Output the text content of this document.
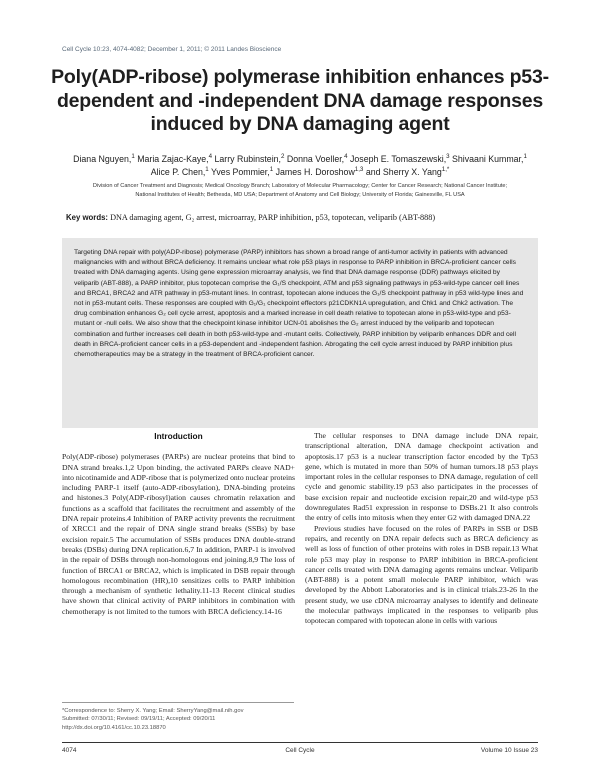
Cell Cycle 10:23, 4074-4082; December 1, 2011; © 2011 Landes Bioscience
Poly(ADP-ribose) polymerase inhibition enhances p53-dependent and -independent DNA damage responses induced by DNA damaging agent
Diana Nguyen,$^1$ Maria Zajac-Kaye,$^4$ Larry Rubinstein,$^2$ Donna Voeller,$^4$ Joseph E. Tomaszewski,$^3$ Shivaani Kummar,$^1$
Alice P. Chen,$^1$ Yves Pommier,$^1$ James H. Doroshow$^{1,3}$ and Sherry X. Yang$^{1,*}$
Division of Cancer Treatment and Diagnosis; Medical Oncology Branch; Laboratory of Molecular Pharmacology; Center for Cancer Research; National Cancer Institute;
National Institutes of Health; Bethesda, MD USA; Department of Anatomy and Cell Biology; University of Florida; Gainesville, FL USA
Key words: DNA damaging agent, G₂ arrest, microarray, PARP inhibition, p53, topotecan, veliparib (ABT-888)

Targeting DNA repair with poly(ADP-ribose) polymerase (PARP) inhibitors has shown a broad range of anti-tumor activity in patients with advanced malignancies with and without BRCA deficiency. It remains unclear what role p53 plays in response to PARP inhibition in BRCA-proficient cancer cells treated with DNA damaging agents. Using gene expression microarray analysis, we find that DNA damage response (DDR) pathways elicited by veliparib (ABT-888), a PARP inhibitor, plus topotecan comprise the G₁/S checkpoint, ATM and p53 signaling pathways in p53-wild-type cancer cell lines and BRCA1, BRCA2 and ATR pathway in p53-mutant lines. In contrast, topotecan alone induces the G₁/S checkpoint pathway in p53 wild-type lines and not in p53-mutant cells. These responses are coupled with G₁/G₁ checkpoint effectors p21CDKN1A upregulation, and Chk1 and Chk2 activation. The drug combination enhances G₂ cell cycle arrest, apoptosis and a marked increase in cell death relative to topotecan alone in p53-wild-type and p53-mutant or -null cells. We also show that the checkpoint kinase inhibitor UCN-01 abolishes the G₂ arrest induced by the veliparib and topotecan combination and further increases cell death in both p53-wild-type and -mutant cells. Collectively, PARP inhibition by veliparib enhances DDR and cell death in BRCA-proficient cancer cells in a p53-dependent and -independent fashion. Abrogating the cell cycle arrest induced by PARP inhibition plus chemotherapeutics may be a strategy in the treatment of BRCA-proficient cancer.

Introduction

Poly(ADP-ribose) polymerases (PARPs) are nuclear proteins that bind to DNA strand breaks.1,2 Upon binding, the activated PARPs cleave NAD+ into nicotinamide and ADP-ribose that is polymerized onto nuclear proteins including PARP-1 itself (auto-ADP-ribosylation), DNA-binding proteins and histones.3 Poly(ADP-ribosyl)ation causes chromatin relaxation and functions as a scaffold that facilitates the recruitment and assembly of the DNA repair proteins.4 Inhibition of PARP activity prevents the recruitment of XRCC1 and the repair of DNA single strand breaks (SSBs) by base excision repair.5 The accumulation of SSBs produces DNA double-strand breaks (DSBs) during DNA replication.6,7 In addition, PARP-1 is involved in the repair of DSBs through non-homologous end joining.8,9 The loss of function of BRCA1 or BRCA2, which is implicated in DSB repair through homologous recombination (HR),10 sensitizes cells to PARP inhibition through a mechanism of synthetic lethality.11-13 Recent clinical studies have shown that clinical activity of PARP inhibitors in combination with chemotherapy is not limited to the tumors with BRCA deficiency.14-16

The cellular responses to DNA damage include DNA repair, transcriptional alteration, DNA damage checkpoint activation and apoptosis.17 p53 is a nuclear transcription factor encoded by the Tp53 gene, which is mutated in more than 50% of human tumors.18 p53 plays important roles in the cellular responses to DNA damage, regulation of cell cycle and genomic stability.19 p53 also participates in the processes of base excision repair and nucleotide excision repair,20 and wild-type p53 downregulates Rad51 expression in response to DSBs.21 It also controls the entry of cells into mitosis when they enter G2 with damaged DNA.22

Previous studies have focused on the roles of PARPs in SSB or DSB repairs, and recently on DNA repair defects such as BRCA deficiency as well as loss of function of other proteins with roles in DSB repair.13 What role p53 may play in response to PARP inhibition in BRCA-proficient cancer cells treated with DNA damaging agents remains unclear. Veliparib (ABT-888) is a potent small molecule PARP inhibitor, which was developed by the Abbott Laboratories and is in clinical trials.23-26 In the present study, we use cDNA microarray analyses to identify and delineate the molecular pathways implicated in the responses to veliparib plus topotecan compared with topotecan alone in cells with various

*Correspondence to: Sherry X. Yang; Email: SherryYang@mail.nih.gov
Submitted: 07/30/11; Revised: 09/19/11; Accepted: 09/20/11
http://dx.doi.org/10.4161/cc.10.23.18870
4074	Cell Cycle	Volume 10 Issue 23
